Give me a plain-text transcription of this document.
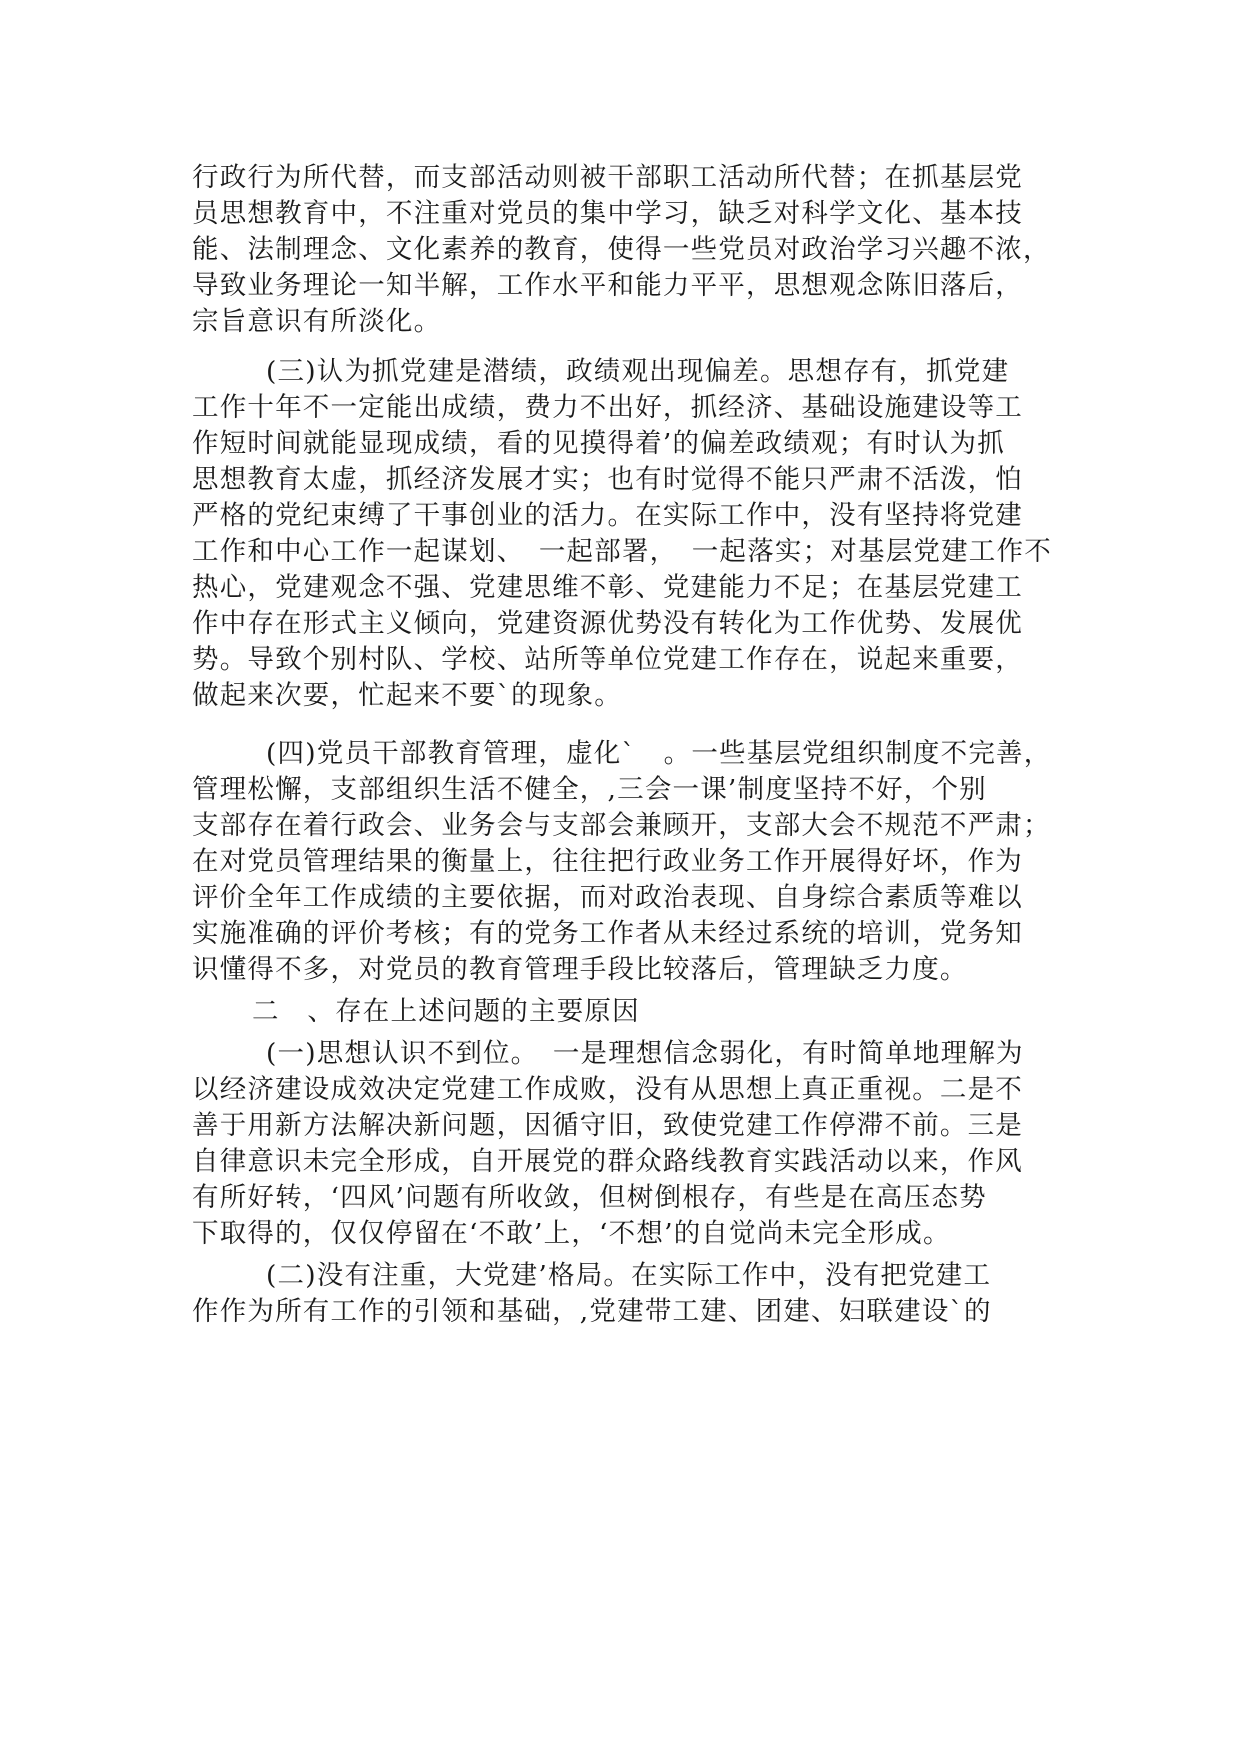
行政行为所代替，而支部活动则被干部职工活动所代替；在抓基层党

员思想教育中，不注重对党员的集中学习，缺乏对科学文化、基本技

能、法制理念、文化素养的教育，使得一些党员对政治学习兴趣不浓，

导致业务理论一知半解，工作水平和能力平平，思想观念陈旧落后，

宗旨意识有所淡化。

(三)认为抓党建是潜绩，政绩观出现偏差。思想存有，抓党建

工作十年不一定能出成绩，费力不出好，抓经济、基础设施建设等工

作短时间就能显现成绩，看的见摸得着’的偏差政绩观；有时认为抓

思想教育太虚，抓经济发展才实；也有时觉得不能只严肃不活泼，怕

严格的党纪束缚了干事创业的活力。在实际工作中，没有坚持将党建

工作和中心工作一起谋划、　一起部署，　一起落实；对基层党建工作不

热心，党建观念不强、党建思维不彰、党建能力不足；在基层党建工

作中存在形式主义倾向，党建资源优势没有转化为工作优势、发展优

势。导致个别村队、学校、站所等单位党建工作存在，说起来重要，

做起来次要，忙起来不要`的现象。

(四)党员干部教育管理，虚化`　。一些基层党组织制度不完善，

管理松懈，支部组织生活不健全，,三会一课’制度坚持不好，个别

支部存在着行政会、业务会与支部会兼顾开，支部大会不规范不严肃；

在对党员管理结果的衡量上，往往把行政业务工作开展得好坏，作为

评价全年工作成绩的主要依据，而对政治表现、自身综合素质等难以

实施准确的评价考核；有的党务工作者从未经过系统的培训，党务知

识懂得不多，对党员的教育管理手段比较落后，管理缺乏力度。

二　、存在上述问题的主要原因

(一)思想认识不到位。　一是理想信念弱化，有时简单地理解为

以经济建设成效决定党建工作成败，没有从思想上真正重视。二是不

善于用新方法解决新问题，因循守旧，致使党建工作停滞不前。三是

自律意识未完全形成，自开展党的群众路线教育实践活动以来，作风

有所好转，‘四风’问题有所收敛，但树倒根存，有些是在高压态势

下取得的，仅仅停留在‘不敢’上，‘不想’的自觉尚未完全形成。

(二)没有注重，大党建’格局。在实际工作中，没有把党建工

作作为所有工作的引领和基础，,党建带工建、团建、妇联建设`的
